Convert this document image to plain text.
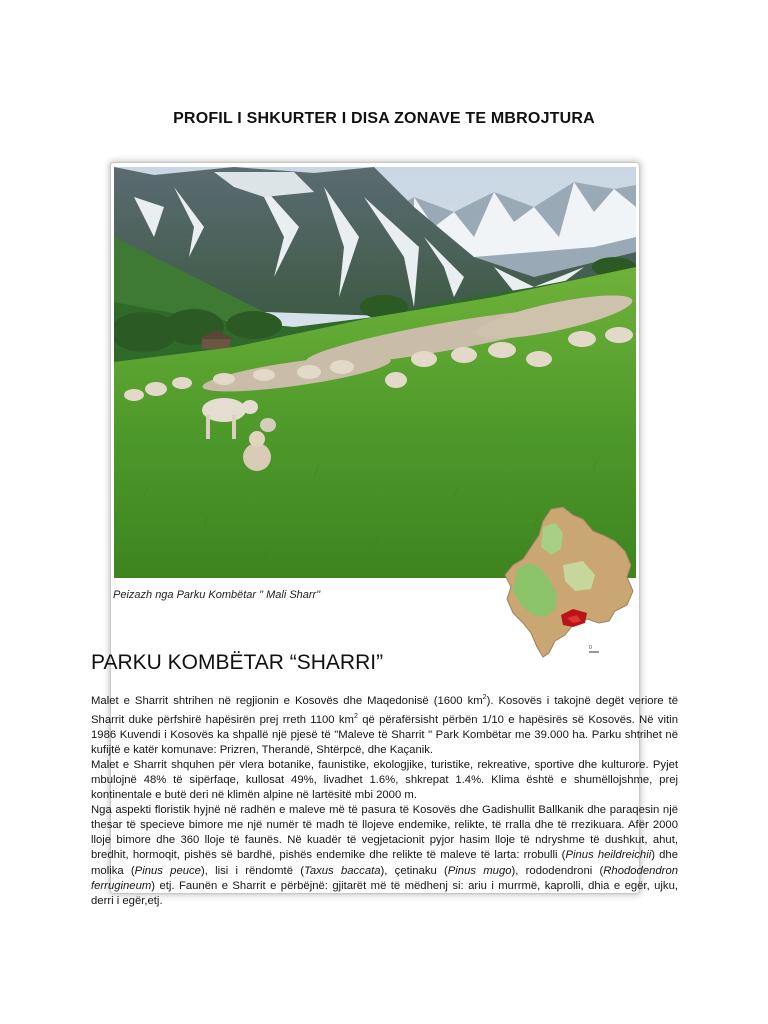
PROFIL I SHKURTER I DISA ZONAVE TE MBROJTURA
Peizazh nga Parku Kombëtar " Mali Sharr"
0
PARKU KOMBËTAR “SHARRI”

Malet e Sharrit shtrihen në regjionin e Kosovës dhe Maqedonisë (1600 $km^2$). Kosovës i takojnë degët veriore të Sharrit duke përfshirë hapësirën prej rreth 1100 $km^2$ që përafërsisht përbën 1/10 e hapësirës së Kosovës. Në vitin 1986 Kuvendi i Kosovës ka shpallë një pjesë të "Maleve të Sharrit " Park Kombëtar me 39.000 ha. Parku shtrihet në kufijtë e katër komunave: Prizren, Therandë, Shtërpcë, dhe Kaçanik.

Malet e Sharrit shquhen për vlera botanike, faunistike, ekologjike, turistike, rekreative, sportive dhe kulturore. Pyjet mbulojnë 48% të sipërfaqe, kullosat 49%, livadhet 1.6%, shkrepat 1.4%. Klima është e shumëllojshme, prej kontinentale e butë deri në klimën alpine në lartësitë mbi 2000 m.

Nga aspekti floristik hyjnë në radhën e maleve më të pasura të Kosovës dhe Gadishullit Ballkanik dhe paraqesin një thesar të specieve bimore me një numër të madh të llojeve endemike, relikte, të rralla dhe të rrezikuara. Afër 2000 lloje bimore dhe 360 lloje të faunës. Në kuadër të vegjetacionit pyjor hasim lloje të ndryshme të dushkut, ahut, bredhit, hormoqit, pishës së bardhë, pishës endemike dhe relikte të maleve të larta: rrobulli (Pinus heildreichii) dhe molika (Pinus peuce), lisi i rëndomtë (Taxus baccata), çetinaku (Pinus mugo), rododendroni (Rhododendron ferrugineum) etj. Faunën e Sharrit e përbëjnë: gjitarët më të mëdhenj si: ariu i murrmë, kaprolli, dhia e egër, ujku, derri i egër,etj.
